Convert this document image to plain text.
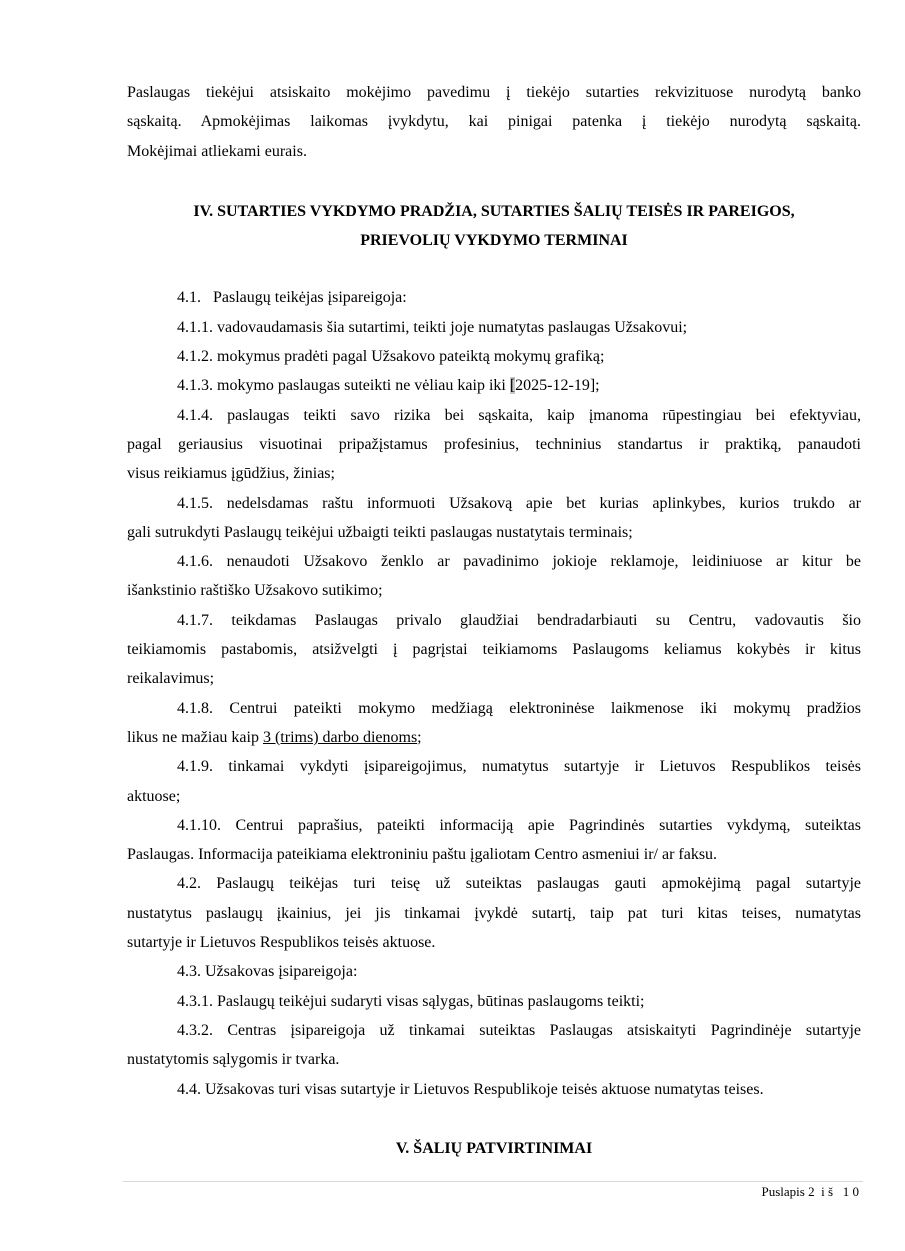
Paslaugas tiekėjui atsiskaito mokėjimo pavedimu į tiekėjo sutarties rekvizituose nurodytą banko
sąskaitą. Apmokėjimas laikomas įvykdytu, kai pinigai patenka į tiekėjo nurodytą sąskaitą.
Mokėjimai atliekami eurais.
IV. SUTARTIES VYKDYMO PRADŽIA, SUTARTIES ŠALIŲ TEISĖS IR PAREIGOS,
PRIEVOLIŲ VYKDYMO TERMINAI
4.1.   Paslaugų teikėjas įsipareigoja:
4.1.1. vadovaudamasis šia sutartimi, teikti joje numatytas paslaugas Užsakovui;
4.1.2. mokymus pradėti pagal Užsakovo pateiktą mokymų grafiką;
4.1.3. mokymo paslaugas suteikti ne vėliau kaip iki [2025-12-19];
4.1.4. paslaugas teikti savo rizika bei sąskaita, kaip įmanoma rūpestingiau bei efektyviau,
pagal geriausius visuotinai pripažįstamus profesinius, techninius standartus ir praktiką, panaudoti
visus reikiamus įgūdžius, žinias;
4.1.5. nedelsdamas raštu informuoti Užsakovą apie bet kurias aplinkybes, kurios trukdo ar
gali sutrukdyti Paslaugų teikėjui užbaigti teikti paslaugas nustatytais terminais;
4.1.6. nenaudoti Užsakovo ženklo ar pavadinimo jokioje reklamoje, leidiniuose ar kitur be
išankstinio raštiško Užsakovo sutikimo;
4.1.7. teikdamas Paslaugas privalo glaudžiai bendradarbiauti su Centru, vadovautis šio
teikiamomis pastabomis, atsižvelgti į pagrįstai teikiamoms Paslaugoms keliamus kokybės ir kitus
reikalavimus;
4.1.8. Centrui pateikti mokymo medžiagą elektroninėse laikmenose iki mokymų pradžios
likus ne mažiau kaip 3 (trims) darbo dienoms;
4.1.9. tinkamai vykdyti įsipareigojimus, numatytus sutartyje ir Lietuvos Respublikos teisės
aktuose;
4.1.10. Centrui paprašius, pateikti informaciją apie Pagrindinės sutarties vykdymą, suteiktas
Paslaugas. Informacija pateikiama elektroniniu paštu įgaliotam Centro asmeniui ir/ ar faksu.
4.2. Paslaugų teikėjas turi teisę už suteiktas paslaugas gauti apmokėjimą pagal sutartyje
nustatytus paslaugų įkainius, jei jis tinkamai įvykdė sutartį, taip pat turi kitas teises, numatytas
sutartyje ir Lietuvos Respublikos teisės aktuose.
4.3. Užsakovas įsipareigoja:
4.3.1. Paslaugų teikėjui sudaryti visas sąlygas, būtinas paslaugoms teikti;
4.3.2. Centras įsipareigoja už tinkamai suteiktas Paslaugas atsiskaityti Pagrindinėje sutartyje
nustatytomis sąlygomis ir tvarka.
4.4. Užsakovas turi visas sutartyje ir Lietuvos Respublikoje teisės aktuose numatytas teises.
V. ŠALIŲ PATVIRTINIMAI
Puslapis 2  i š   1 0
